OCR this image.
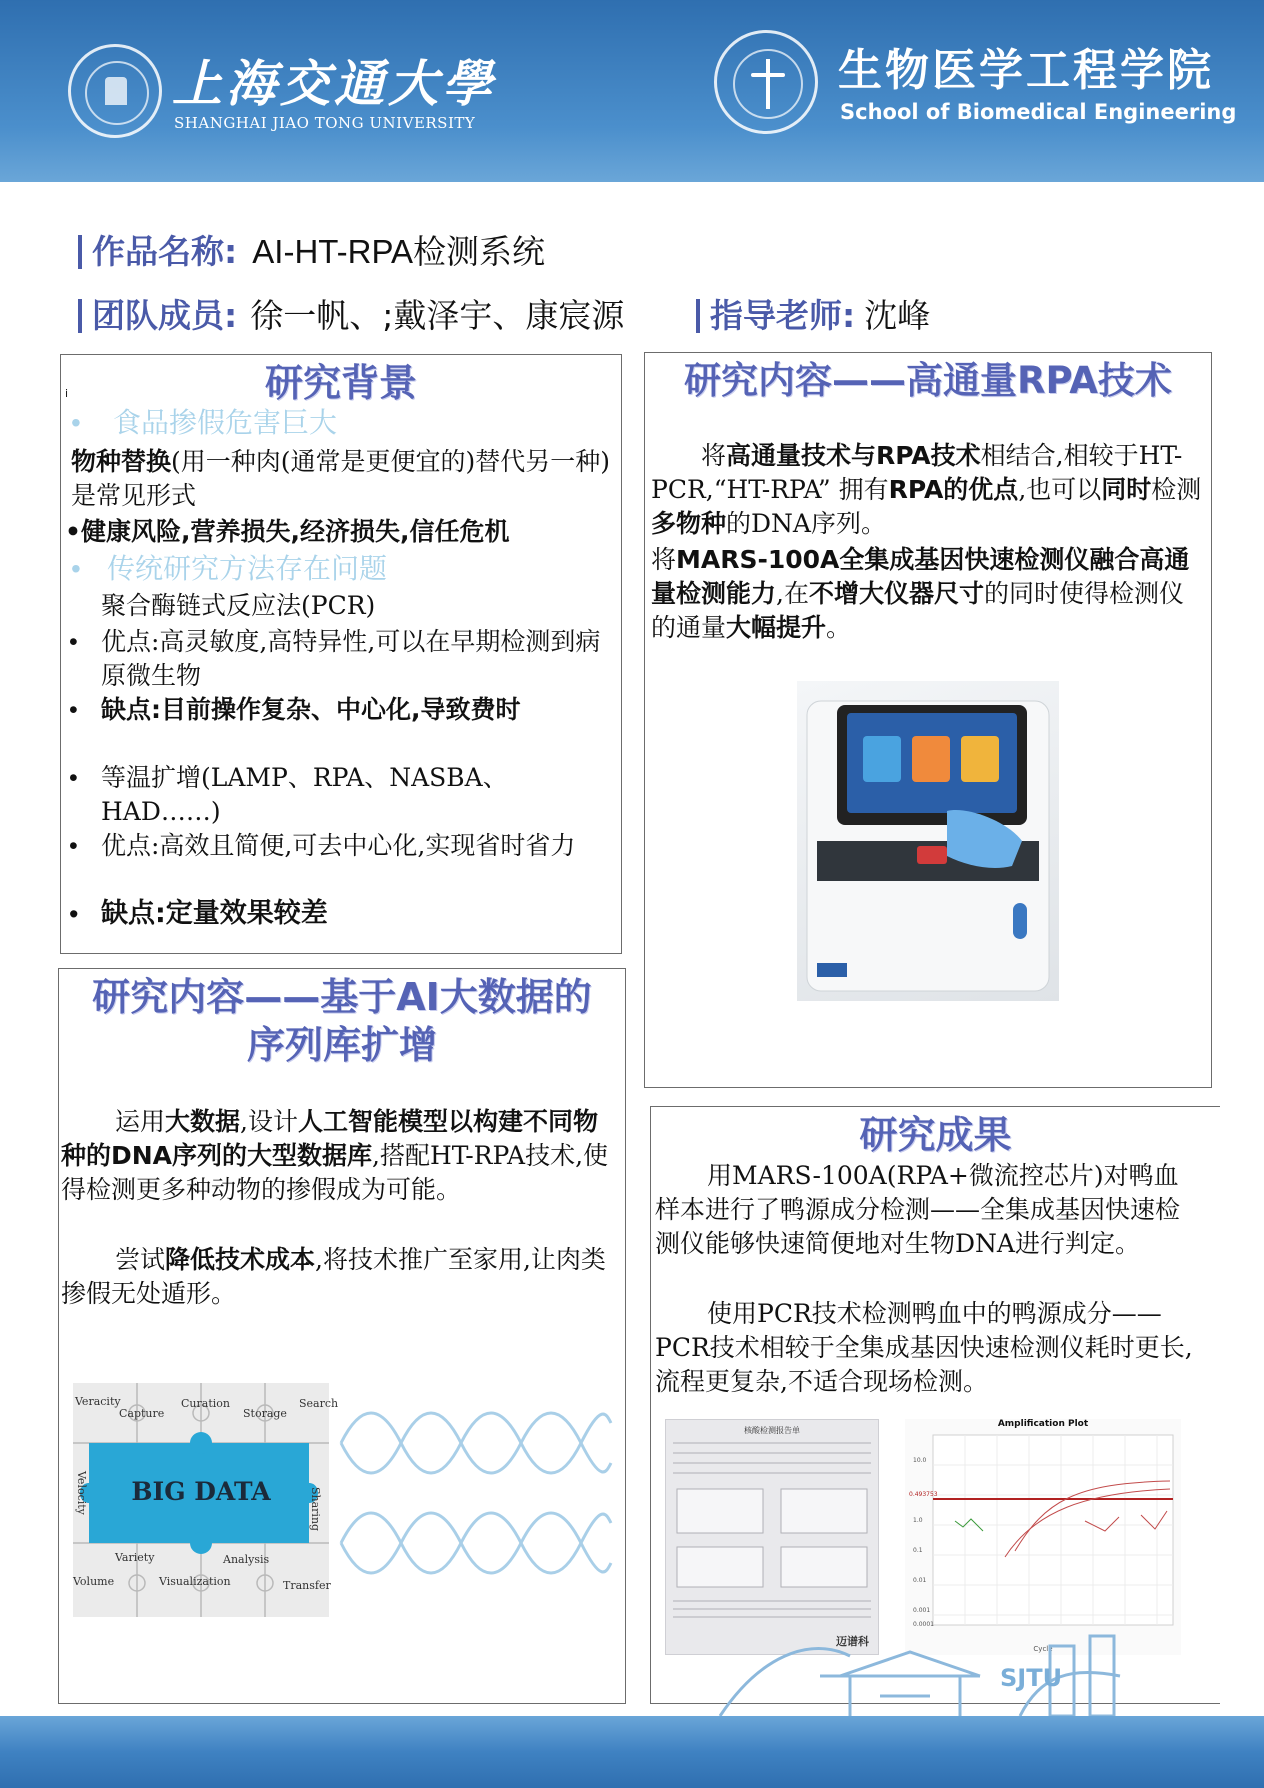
上海交通大學
SHANGHAI JIAO TONG UNIVERSITY
生物医学工程学院
School of Biomedical Engineering
作品名称: AI-HT-RPA检测系统
团队成员: 徐一帆、;戴泽宇、康宸源	指导老师: 沈峰
研究背景
i
• 食品掺假危害巨大
物种替换(用一种肉(通常是更便宜的)替代另一种)是常见形式
•健康风险,营养损失,经济损失,信任危机
• 传统研究方法存在问题
聚合酶链式反应法(PCR)
• 优点:高灵敏度,高特异性,可以在早期检测到病原微生物
• 缺点:目前操作复杂、中心化,导致费时
• 等温扩增(LAMP、RPA、NASBA、HAD……)
• 优点:高效且简便,可去中心化,实现省时省力
• 缺点:定量效果较差
研究内容——高通量RPA技术
将高通量技术与RPA技术相结合,相较于HT-PCR,“HT-RPA” 拥有RPA的优点,也可以同时检测多物种的DNA序列。
将MARS-100A全集成基因快速检测仪融合高通量检测能力,在不增大仪器尺寸的同时使得检测仪的通量大幅提升。
研究内容——基于AI大数据的
序列库扩增
运用大数据,设计人工智能模型以构建不同物种的DNA序列的大型数据库,搭配HT-RPA技术,使得检测更多种动物的掺假成为可能。
尝试降低技术成本,将技术推广至家用,让肉类掺假无处遁形。
BIG DATA
Veracity
Capture
Curation
Storage
Search
Sharing
Transfer
Analysis
Visualization
Variety
Volume
Velocity
研究成果
用MARS-100A(RPA+微流控芯片)对鸭血样本进行了鸭源成分检测——全集成基因快速检测仪能够快速简便地对生物DNA进行判定。
使用PCR技术检测鸭血中的鸭源成分——PCR技术相较于全集成基因快速检测仪耗时更长,流程更复杂,不适合现场检测。
核酸检测报告单
迈谱科
Amplification Plot
0.493753
10.0
1.0
0.1
0.01
0.001
0.0001
Cycle
SJTU
